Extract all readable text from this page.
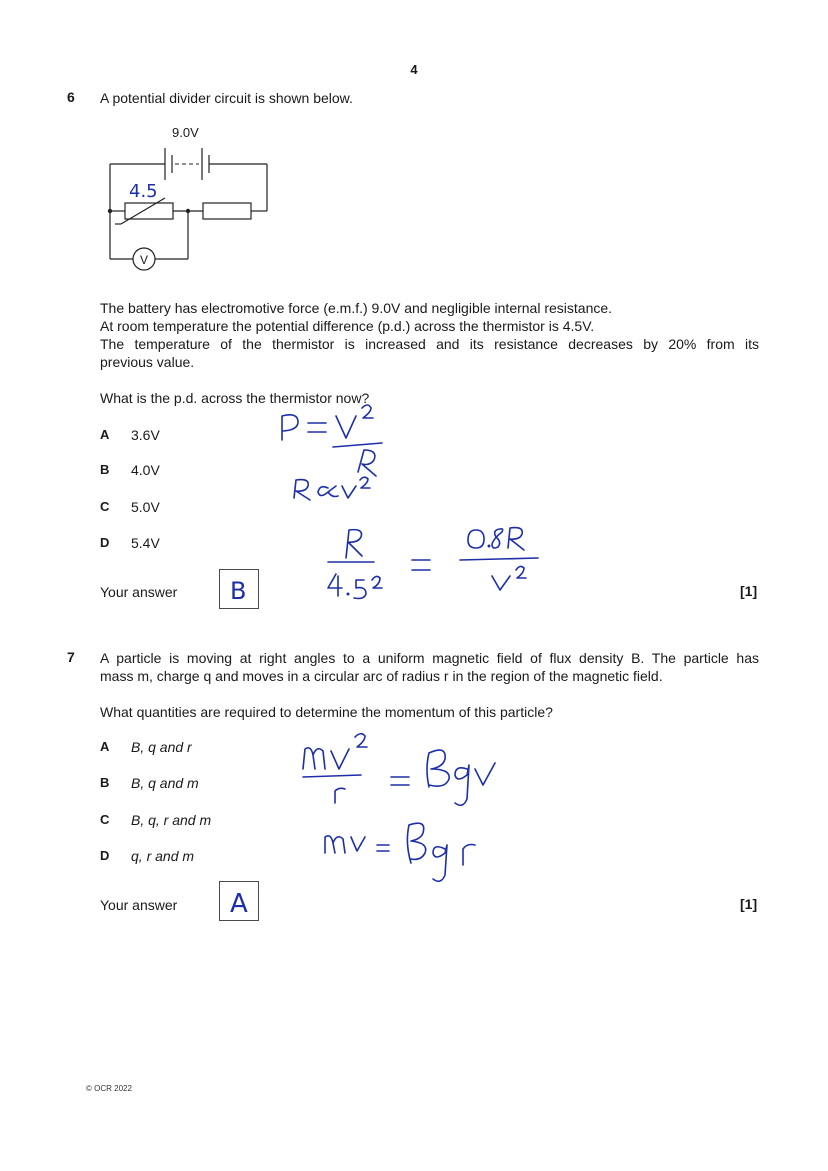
4
6 A potential divider circuit is shown below.
9.0V
V
4.5
The battery has electromotive force (e.m.f.) 9.0V and negligible internal resistance.
At room temperature the potential difference (p.d.) across the thermistor is 4.5V.
The temperature of the thermistor is increased and its resistance decreases by 20% from its
previous value.
What is the p.d. across the thermistor now?
A 3.6V
B 4.0V
C 5.0V
D 5.4V
Your answer B	[1]
7 A particle is moving at right angles to a uniform magnetic field of flux density B. The particle has
mass m, charge q and moves in a circular arc of radius r in the region of the magnetic field.
What quantities are required to determine the momentum of this particle?
A B, q and r
B B, q and m
C B, q, r and m
D q, r and m
Your answer A	[1]
© OCR 2022
